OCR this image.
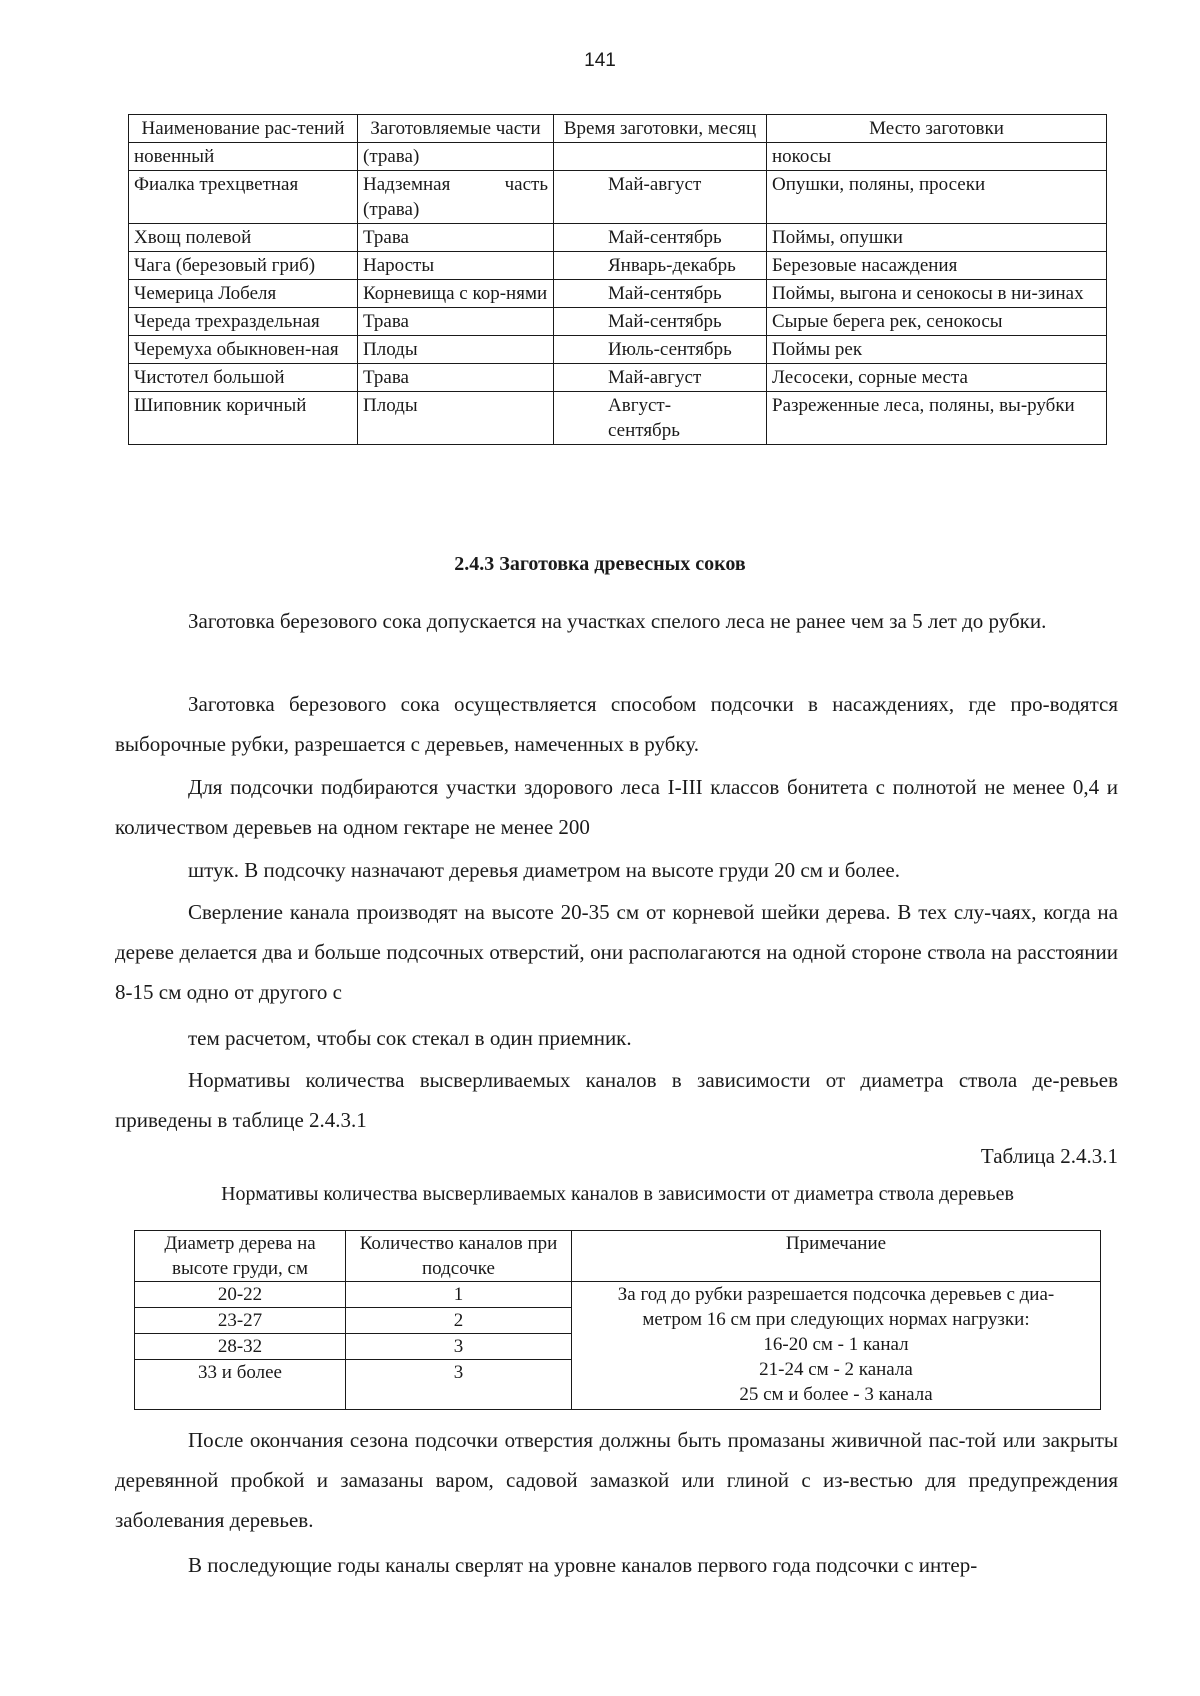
141
Наименование рас-тений	Заготовляемые части	Время заготовки, месяц	Место заготовки
новенный	(трава)		нокосы
Фиалка трехцветная	Надземная часть (трава)	Май-август	Опушки, поляны, просеки
Хвощ полевой	Трава	Май-сентябрь	Поймы, опушки
Чага (березовый гриб)	Наросты	Январь-декабрь	Березовые насаждения
Чемерица Лобеля	Корневища с кор-нями	Май-сентябрь	Поймы, выгона и сенокосы в ни-зинах
Череда трехраздельная	Трава	Май-сентябрь	Сырые берега рек, сенокосы
Черемуха обыкновен-ная	Плоды	Июль-сентябрь	Поймы рек
Чистотел большой	Трава	Май-август	Лесосеки, сорные места
Шиповник коричный	Плоды	Август-сентябрь	Разреженные леса, поляны, вы-рубки
2.4.3 Заготовка древесных соков

Заготовка березового сока допускается на участках спелого леса не ранее чем за 5 лет до рубки.

Заготовка березового сока осуществляется способом подсочки в насаждениях, где про-водятся выборочные рубки, разрешается с деревьев, намеченных в рубку.

Для подсочки подбираются участки здорового леса I-III классов бонитета с полнотой не менее 0,4 и количеством деревьев на одном гектаре не менее 200

штук. В подсочку назначают деревья диаметром на высоте груди 20 см и более.

Сверление канала производят на высоте 20-35 см от корневой шейки дерева. В тех слу-чаях, когда на дереве делается два и больше подсочных отверстий, они располагаются на одной стороне ствола на расстоянии 8-15 см одно от другого с

тем расчетом, чтобы сок стекал в один приемник.

Нормативы количества высверливаемых каналов в зависимости от диаметра ствола де-ревьев приведены в таблице 2.4.3.1

Таблица 2.4.3.1
Нормативы количества высверливаемых каналов в зависимости от диаметра ствола деревьев
Диаметр дерева на высоте груди, см	Количество каналов при подсочке	Примечание
20-22	1	За год до рубки разрешается подсочка деревьев с диа-
метром 16 см при следующих нормах нагрузки:
16-20 см - 1 канал
21-24 см - 2 канала
25 см и более - 3 канала

23-27	2	
28-32	3	
33 и более	3	

После окончания сезона подсочки отверстия должны быть промазаны живичной пас-той или закрыты деревянной пробкой и замазаны варом, садовой замазкой или глиной с из-вестью для предупреждения заболевания деревьев.

В последующие годы каналы сверлят на уровне каналов первого года подсочки с интер-
